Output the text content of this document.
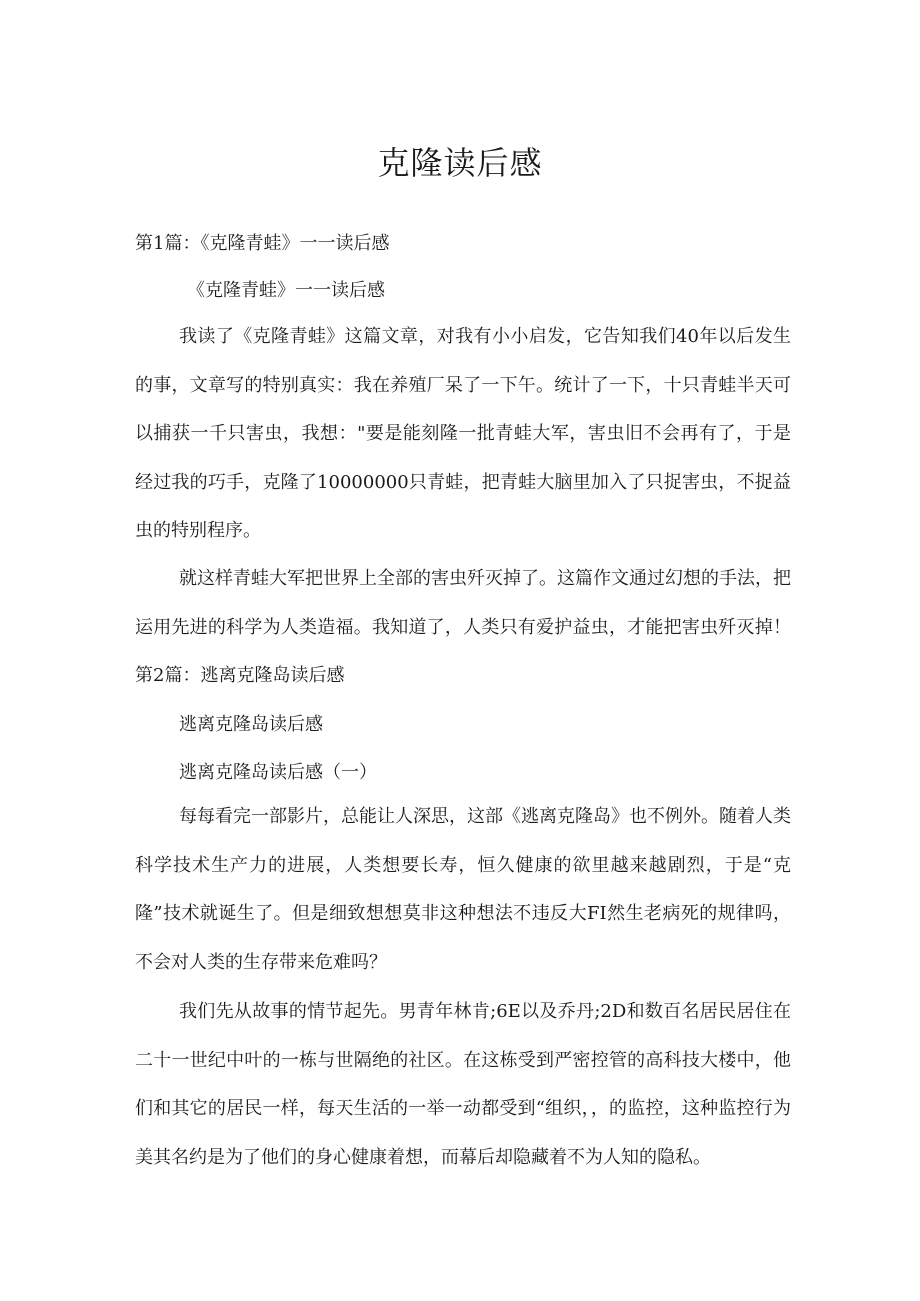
克隆读后感

第1篇：《克隆青蛙》一一读后感

《克隆青蛙》一一读后感

我读了《克隆青蛙》这篇文章，对我有小小启发，它告知我们40年以后发生的事，文章写的特别真实：我在养殖厂呆了一下午。统计了一下，十只青蛙半天可以捕获一千只害虫，我想："要是能刻隆一批青蛙大军，害虫旧不会再有了，于是经过我的巧手，克隆了10000000只青蛙，把青蛙大脑里加入了只捉害虫，不捉益虫的特别程序。

就这样青蛙大军把世界上全部的害虫歼灭掉了。这篇作文通过幻想的手法，把运用先进的科学为人类造福。我知道了，人类只有爱护益虫，才能把害虫歼灭掉！第2篇：逃离克隆岛读后感

逃离克隆岛读后感

逃离克隆岛读后感（一）

每每看完一部影片，总能让人深思，这部《逃离克隆岛》也不例外。随着人类科学技术生产力的进展，人类想要长寿，恒久健康的欲里越来越剧烈，于是“克隆”技术就诞生了。但是细致想想莫非这种想法不违反大FI然生老病死的规律吗，不会对人类的生存带来危难吗？

我们先从故事的情节起先。男青年林肯;6E以及乔丹;2D和数百名居民居住在二十一世纪中叶的一栋与世隔绝的社区。在这栋受到严密控管的高科技大楼中，他们和其它的居民一样，每天生活的一举一动都受到“组织，，的监控，这种监控行为美其名约是为了他们的身心健康着想，而幕后却隐藏着不为人知的隐私。
